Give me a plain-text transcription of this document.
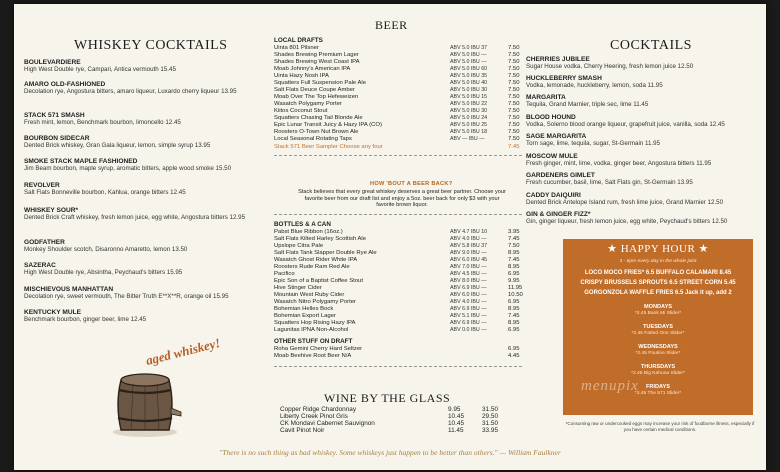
WHISKEY COCKTAILS
BOULEVARDIERE
High West Double rye, Campari, Antica vermouth 15.45
AMARO OLD-FASHIONED
Decolation rye, Angostura bitters, amaro liqueur, Luxardo cherry liqueur 13.95
STACK 571 SMASH
Fresh mint, lemon, Benchmark bourbon, limoncello 12.45
BOURBON SIDECAR
Dented Brick whiskey, Gran Gala liqueur, lemon, simple syrup 13.95
SMOKE STACK MAPLE FASHIONED
Jim Beam bourbon, maple syrup, aromatic bitters, apple wood smoke 15.50
REVOLVER
Salt Flats Bonneville bourbon, Kahlua, orange bitters 12.45
WHISKEY SOUR*
Dented Brick Craft whiskey, fresh lemon juice, egg white, Angostura bitters 12.95
GODFATHER
Monkey Shoulder scotch, Disaronno Amaretto, lemon 13.50
SAZERAC
High West Double rye, Absintha, Peychaud's bitters 15.95
MISCHIEVOUS MANHATTAN
Decolation rye, sweet vermouth, The Bitter Truth E**X**R, orange oil 15.95
KENTUCKY MULE
Benchmark bourbon, ginger beer, lime 12.45
aged whiskey!
BEER
LOCAL DRAFTS
Uinta 801 Pilsner	ABV 5.0 IBU 37	7.50
Shades Brewing Premium Lager	ABV 5.0 IBU —	7.50
Shades Brewing West Coast IPA	ABV 5.0 IBU —	7.50
Moab Johnny's American IPA	ABV 5.0 IBU 60	7.50
Uinta Hazy Nosh IPA	ABV 5.0 IBU 35	7.50
Squatters Full Suspension Pale Ale	ABV 5.0 IBU 40	7.50
Salt Flats Deuce Coupe Amber	ABV 5.0 IBU 30	7.50
Moab Over The Top Hefeweizen	ABV 5.0 IBU 15	7.50
Wasatch Polygamy Porter	ABV 5.0 IBU 22	7.50
Kiitos Coconut Stout	ABV 5.0 IBU 30	7.50
Squatters Chasing Tail Blonde Ale	ABV 5.0 IBU 24	7.50
Epic Lunar Transit Juicy & Hazy IPA (CO)	ABV 5.0 IBU 25	7.50
Roosters O-Town Nut Brown Ale	ABV 5.0 IBU 18	7.50
Local Seasonal Rotating Taps	ABV — IBU —	7.50
Stack 571 Beer Sampler Choose any four	7.45
HOW 'BOUT A BEER BACK?
Stack believes that every great whiskey deserves a great beer partner. Choose your favorite beer from our draft list and enjoy a 5oz. beer back for only $3 with your favorite brown liquor.
BOTTLES & A CAN
Pabst Blue Ribbon (16oz.)	ABV 4.7 IBU 10	3.95
Salt Flats Kilted Harley Scottish Ale	ABV 4.0 IBU —	7.45
Upslope Citra Pale	ABV 5.8 IBU 37	7.50
Salt Flats Tank Slapper Double Rye Ale	ABV 9.0 IBU —	8.95
Wasatch Ghost Rider White IPA	ABV 6.0 IBU 45	7.45
Roosters Rude Ram Red Ale	ABV 7.0 IBU —	8.95
Pacifico	ABV 4.5 IBU —	6.95
Epic Son of a Baptist Coffee Stout	ABV 8.0 IBU —	9.95
Hive Stinger Cider	ABV 6.9 IBU —	11.95
Mountain West Ruby Cider	ABV 6.0 IBU —	10.50
Wasatch Nitro Polygamy Porter	ABV 4.0 IBU —	6.95
Bohemian Helles Bock	ABV 6.9 IBU —	8.95
Bohemian Export Lager	ABV 5.1 IBU —	7.45
Squatters Hop Rising Hazy IPA	ABV 6.9 IBU —	8.95
Lagunitas IPNA Non-Alcohol	ABV 0.0 IBU —	6.95
OTHER STUFF ON DRAFT
Roha Gemini Cherry Hard Seltzer	6.95
Moab Beehive Root Beer N/A	4.45
WINE BY THE GLASS
Copper Ridge Chardonnay	9.95	31.50
Liberty Creek Pinot Gris	10.45	29.50
CK Mondavi Cabernet Sauvignon	10.45	31.50
Cavit Pinot Noir	11.45	33.95
COCKTAILS
CHERRIES JUBILEE
Sugar House vodka, Cherry Heering, fresh lemon juice 12.50
HUCKLEBERRY SMASH
Vodka, lemonade, huckleberry, lemon, soda 11.95
MARGARITA
Tequila, Grand Marnier, triple sec, lime 11.45
BLOOD HOUND
Vodka, Solerno blood orange liqueur, grapefruit juice, vanilla, soda 12.45
SAGE MARGARITA
Torn sage, lime, tequila, sugar, St-Germain 11.95
MOSCOW MULE
Fresh ginger, mint, lime, vodka, ginger beer, Angostura bitters 11.95
GARDENERS GIMLET
Fresh cucumber, basil, lime, Salt Flats gin, St-Germain 13.95
CADDY DAIQUIRI
Dented Brick Antelope Island rum, fresh lime juice, Grand Marnier 12.50
GIN & GINGER FIZZ*
Gin, ginger liqueur, fresh lemon juice, egg white, Peychaud's bitters 12.50
★ HAPPY HOUR ★
3 - 6pm every day in the whole joint
LOCO MOCO FRIES* 6.5 BUFFALO CALAMARI 8.45
CRISPY BRUSSELS SPROUTS 6.5 STREET CORN 5.45
GORGONZOLA WAFFLE FRIES 6.5 Jack it up, add 2
MONDAYS
*2.45 Bank Mi Slider*
TUESDAYS
*2.45 Fatted One Slider*
WEDNESDAYS
*2.45 Poutine Slider*
THURSDAYS
*2.45 Big Kahuna Slider*
FRIDAYS
*2.45 The 571 Slider*
menupix
*Consuming raw or undercooked eggs may increase your risk of foodborne illness, especially if you have certain medical conditions.
"There is no such thing as bad whiskey. Some whiskeys just happen to be better than others." — William Faulkner
